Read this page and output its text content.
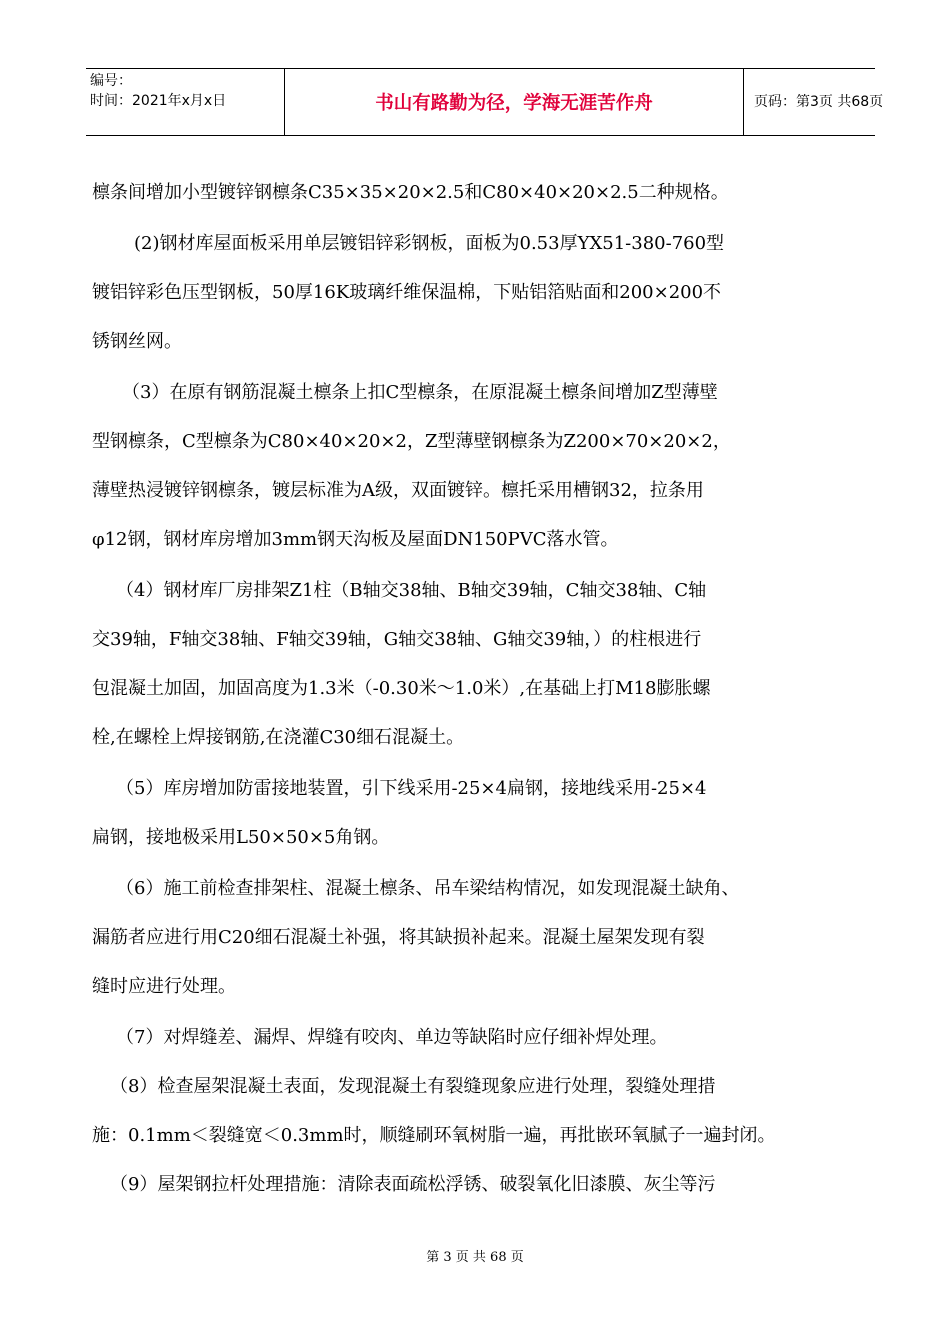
编号：
时间：2021年x月x日	书山有路勤为径，学海无涯苦作舟	页码：第3页 共68页

檩条间增加小型镀锌钢檩条C35×35×20×2.5和C80×40×20×2.5二种规格。

(2)钢材库屋面板采用单层镀铝锌彩钢板，面板为0.53厚YX51-380-760型

镀铝锌彩色压型钢板，50厚16K玻璃纤维保温棉，下贴铝箔贴面和200×200不

锈钢丝网。

（3）在原有钢筋混凝土檩条上扣C型檩条，在原混凝土檩条间增加Z型薄壁

型钢檩条，C型檩条为C80×40×20×2，Z型薄壁钢檩条为Z200×70×20×2，

薄壁热浸镀锌钢檩条，镀层标准为A级，双面镀锌。檩托采用槽钢32，拉条用

φ12钢，钢材库房增加3mm钢天沟板及屋面DN150PVC落水管。

（4）钢材库厂房排架Z1柱（B轴交38轴、B轴交39轴，C轴交38轴、C轴

交39轴，F轴交38轴、F轴交39轴，G轴交38轴、G轴交39轴，）的柱根进行

包混凝土加固，加固高度为1.3米（-0.30米～1.0米）,在基础上打M18膨胀螺

栓,在螺栓上焊接钢筋,在浇灌C30细石混凝土。

（5）库房增加防雷接地装置，引下线采用-25×4扁钢，接地线采用-25×4

扁钢，接地极采用L50×50×5角钢。

（6）施工前检查排架柱、混凝土檩条、吊车梁结构情况，如发现混凝土缺角、

漏筋者应进行用C20细石混凝土补强，将其缺损补起来。混凝土屋架发现有裂

缝时应进行处理。

（7）对焊缝差、漏焊、焊缝有咬肉、单边等缺陷时应仔细补焊处理。

（8）检查屋架混凝土表面，发现混凝土有裂缝现象应进行处理，裂缝处理措

施：0.1mm＜裂缝宽＜0.3mm时，顺缝刷环氧树脂一遍，再批嵌环氧腻子一遍封闭。

（9）屋架钢拉杆处理措施：清除表面疏松浮锈、破裂氧化旧漆膜、灰尘等污

第 3 页 共 68 页
